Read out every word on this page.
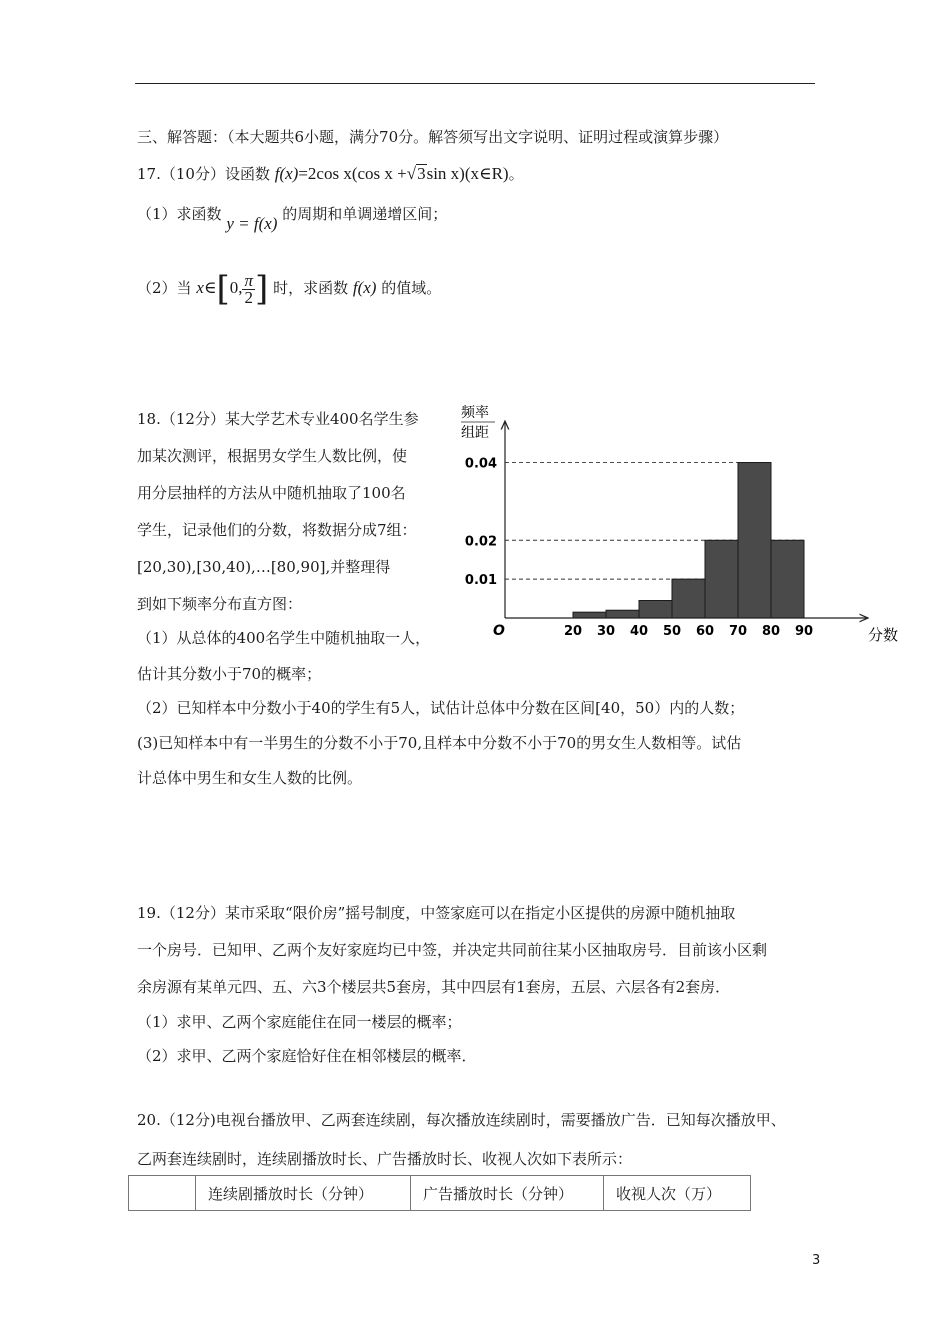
三、解答题：（本大题共6小题，满分70分。解答须写出文字说明、证明过程或演算步骤）
17.（10分）设函数 f(x)=2cos x(cos x +√3sin x)(x∈R)。
（1）求函数 y = f(x) 的周期和单调递增区间；
（2）当 x∈[0, $\frac{\pi}{2}$ ] 时，求函数 f(x) 的值域。
18.（12分）某大学艺术专业400名学生参
加某次测评，根据男女学生人数比例，使
用分层抽样的方法从中随机抽取了100名
学生，记录他们的分数，将数据分成7组：
[20,30),[30,40),…[80,90],并整理得
到如下频率分布直方图：
（1）从总体的400名学生中随机抽取一人，
估计其分数小于70的概率；
（2）已知样本中分数小于40的学生有5人，试估计总体中分数在区间[40，50）内的人数；
(3)已知样本中有一半男生的分数不小于70,且样本中分数不小于70的男女生人数相等。试估
计总体中男生和女生人数的比例。
频率
组距
O	分数
0.01
0.02
0.04
20 30 40 50 60 70 80 90
19.（12分）某市采取“限价房”摇号制度，中签家庭可以在指定小区提供的房源中随机抽取
一个房号．已知甲、乙两个友好家庭均已中签，并决定共同前往某小区抽取房号．目前该小区剩
余房源有某单元四、五、六3个楼层共5套房，其中四层有1套房，五层、六层各有2套房．
（1）求甲、乙两个家庭能住在同一楼层的概率；
（2）求甲、乙两个家庭恰好住在相邻楼层的概率．
20.（12分)电视台播放甲、乙两套连续剧，每次播放连续剧时，需要播放广告．已知每次播放甲、
乙两套连续剧时，连续剧播放时长、广告播放时长、收视人次如下表所示：
	连续剧播放时长（分钟）	广告播放时长（分钟）	收视人次（万）
3
